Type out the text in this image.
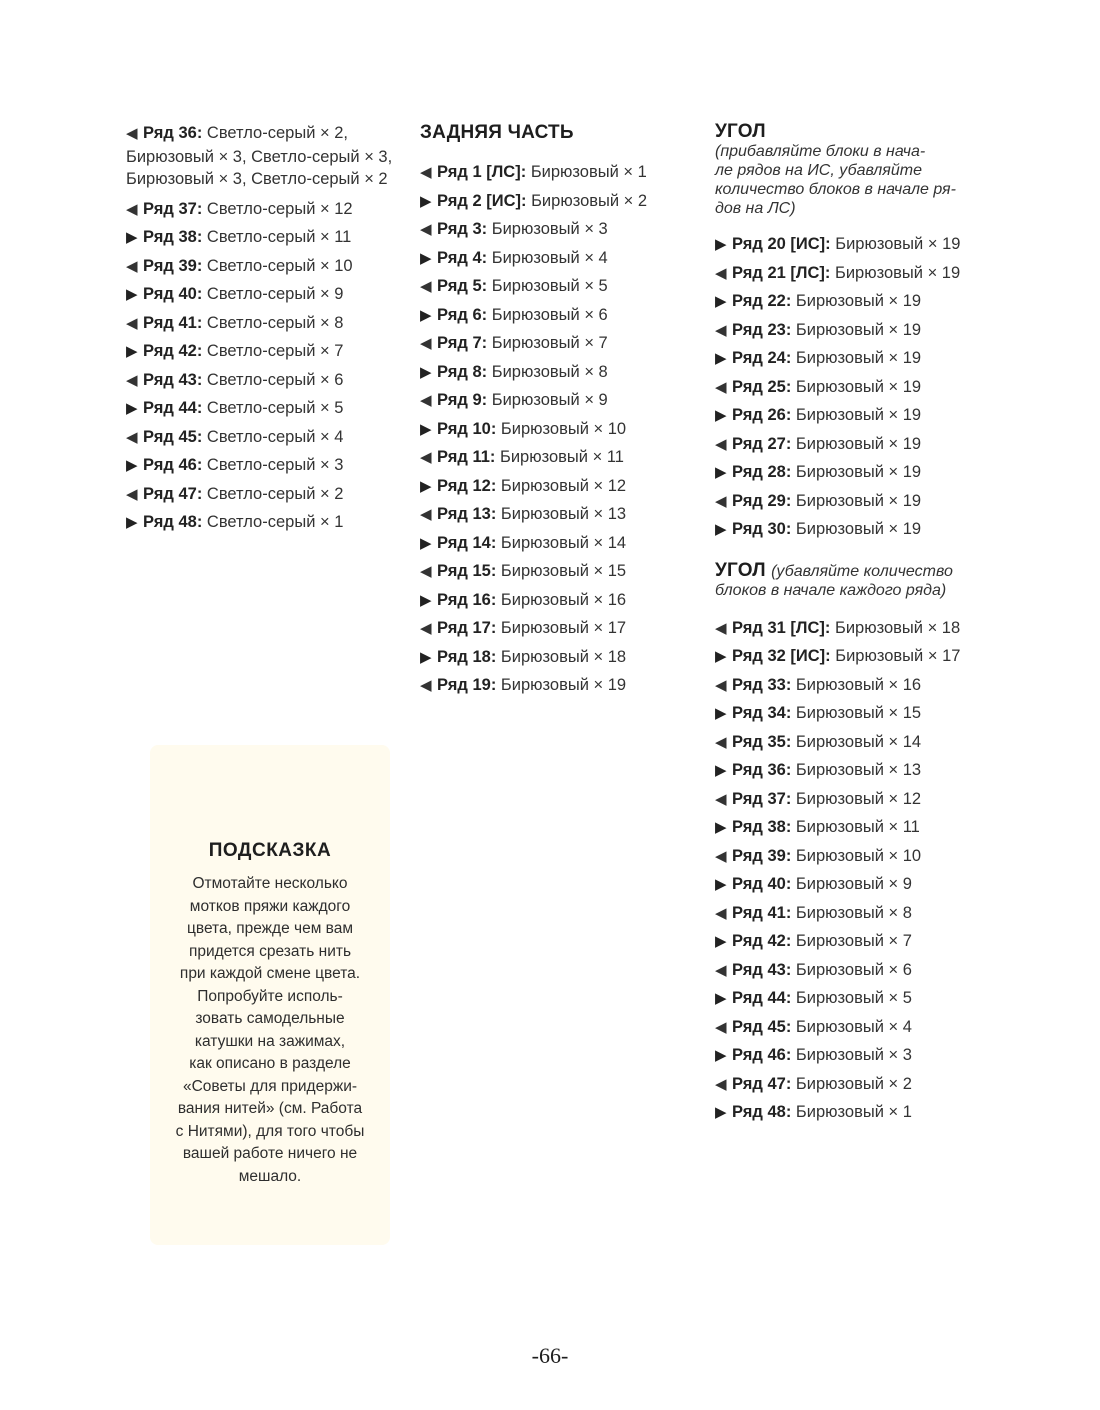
◀ Ряд 36: Светло-серый × 2,
Бирюзовый × 3, Светло-серый × 3,
Бирюзовый × 3, Светло-серый × 2
◀ Ряд 37: Светло-серый × 12
▶ Ряд 38: Светло-серый × 11
◀ Ряд 39: Светло-серый × 10
▶ Ряд 40: Светло-серый × 9
◀ Ряд 41: Светло-серый × 8
▶ Ряд 42: Светло-серый × 7
◀ Ряд 43: Светло-серый × 6
▶ Ряд 44: Светло-серый × 5
◀ Ряд 45: Светло-серый × 4
▶ Ряд 46: Светло-серый × 3
◀ Ряд 47: Светло-серый × 2
▶ Ряд 48: Светло-серый × 1
ЗАДНЯЯ ЧАСТЬ
◀ Ряд 1 [ЛС]: Бирюзовый × 1
▶ Ряд 2 [ИС]: Бирюзовый × 2
◀ Ряд 3: Бирюзовый × 3
▶ Ряд 4: Бирюзовый × 4
◀ Ряд 5: Бирюзовый × 5
▶ Ряд 6: Бирюзовый × 6
◀ Ряд 7: Бирюзовый × 7
▶ Ряд 8: Бирюзовый × 8
◀ Ряд 9: Бирюзовый × 9
▶ Ряд 10: Бирюзовый × 10
◀ Ряд 11: Бирюзовый × 11
▶ Ряд 12: Бирюзовый × 12
◀ Ряд 13: Бирюзовый × 13
▶ Ряд 14: Бирюзовый × 14
◀ Ряд 15: Бирюзовый × 15
▶ Ряд 16: Бирюзовый × 16
◀ Ряд 17: Бирюзовый × 17
▶ Ряд 18: Бирюзовый × 18
◀ Ряд 19: Бирюзовый × 19
УГОЛ
(прибавляйте блоки в нача-
ле рядов на ИС, убавляйте
количество блоков в начале ря-
дов на ЛС)
▶ Ряд 20 [ИС]: Бирюзовый × 19
◀ Ряд 21 [ЛС]: Бирюзовый × 19
▶ Ряд 22: Бирюзовый × 19
◀ Ряд 23: Бирюзовый × 19
▶ Ряд 24: Бирюзовый × 19
◀ Ряд 25: Бирюзовый × 19
▶ Ряд 26: Бирюзовый × 19
◀ Ряд 27: Бирюзовый × 19
▶ Ряд 28: Бирюзовый × 19
◀ Ряд 29: Бирюзовый × 19
▶ Ряд 30: Бирюзовый × 19
УГОЛ (убавляйте количество
блоков в начале каждого ряда)
◀ Ряд 31 [ЛС]: Бирюзовый × 18
▶ Ряд 32 [ИС]: Бирюзовый × 17
◀ Ряд 33: Бирюзовый × 16
▶ Ряд 34: Бирюзовый × 15
◀ Ряд 35: Бирюзовый × 14
▶ Ряд 36: Бирюзовый × 13
◀ Ряд 37: Бирюзовый × 12
▶ Ряд 38: Бирюзовый × 11
◀ Ряд 39: Бирюзовый × 10
▶ Ряд 40: Бирюзовый × 9
◀ Ряд 41: Бирюзовый × 8
▶ Ряд 42: Бирюзовый × 7
◀ Ряд 43: Бирюзовый × 6
▶ Ряд 44: Бирюзовый × 5
◀ Ряд 45: Бирюзовый × 4
▶ Ряд 46: Бирюзовый × 3
◀ Ряд 47: Бирюзовый × 2
▶ Ряд 48: Бирюзовый × 1
ПОДСКАЗКА
Отмотайте несколько
мотков пряжи каждого
цвета, прежде чем вам
придется срезать нить
при каждой смене цвета.
Попробуйте исполь-
зовать самодельные
катушки на зажимах,
как описано в разделе
«Советы для придержи-
вания нитей» (см. Работа
с Нитями), для того чтобы
вашей работе ничего не
мешало.
-66-
